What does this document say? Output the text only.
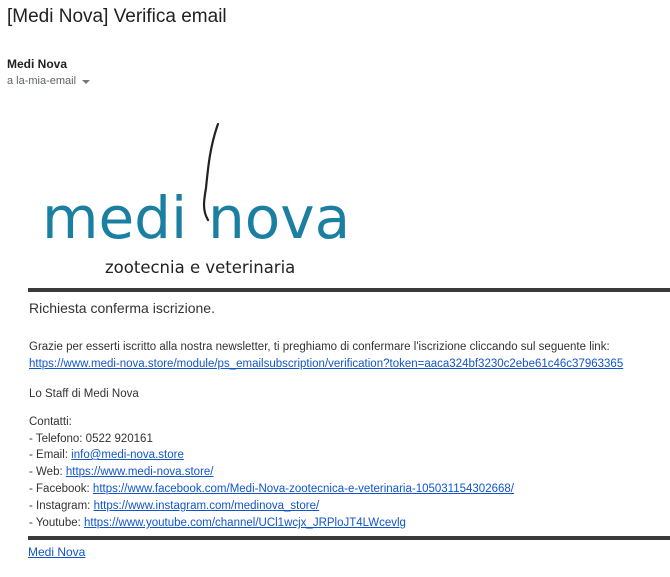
[Medi Nova] Verifica email
Medi Nova
a la-mia-email
medi nova
zootecnia e veterinaria
Richiesta conferma iscrizione.
Grazie per esserti iscritto alla nostra newsletter, ti preghiamo di confermare l'iscrizione cliccando sul seguente link:
https://www.medi-nova.store/module/ps_emailsubscription/verification?token=aaca324bf3230c2ebe61c46c37963365
Lo Staff di Medi Nova
Contatti:
- Telefono: 0522 920161
- Email: info@medi-nova.store
- Web: https://www.medi-nova.store/
- Facebook: https://www.facebook.com/Medi-Nova-zootecnica-e-veterinaria-105031154302668/
- Instagram: https://www.instagram.com/medinova_store/
- Youtube: https://www.youtube.com/channel/UCl1wcjx_JRPloJT4LWcevlg
Medi Nova
